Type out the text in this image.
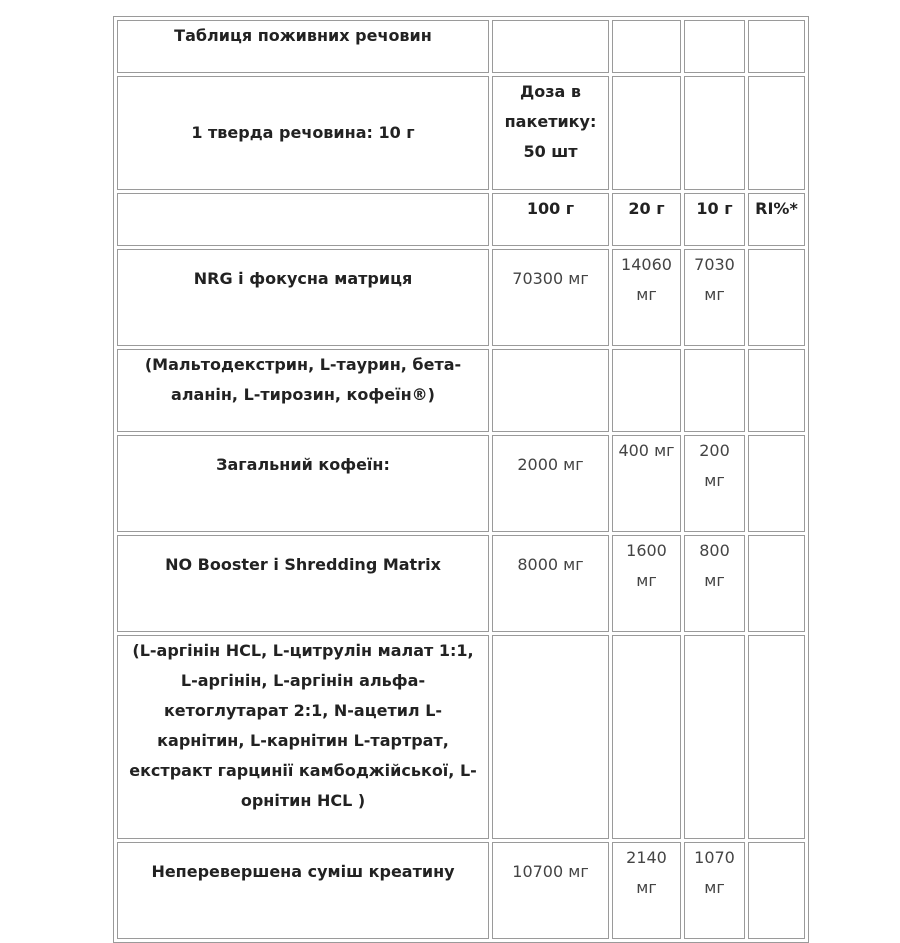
Таблиця поживних речовин				
1 тверда речовина: 10 г	Доза в пакетику: 50 шт			
	100 г	20 г	10 г	RI%*
NRG і фокусна матриця	70300 мг	14060 мг	7030 мг	
(Мальтодекстрин, L-таурин, бета-аланін, L-тирозин, кофеїн®)				
Загальний кофеїн:	2000 мг	400 мг	200 мг	
NO Booster і Shredding Matrix	8000 мг	1600 мг	800 мг	
(L-аргінін HCL, L-цитрулін малат 1:1, L-аргінін, L-аргінін альфа-кетоглутарат 2:1, N-ацетил L-карнітин, L-карнітин L-тартрат, екстракт гарцинії камбоджійської, L-орнітин HCL )				
Неперевершена суміш креатину	10700 мг	2140 мг	1070 мг	
